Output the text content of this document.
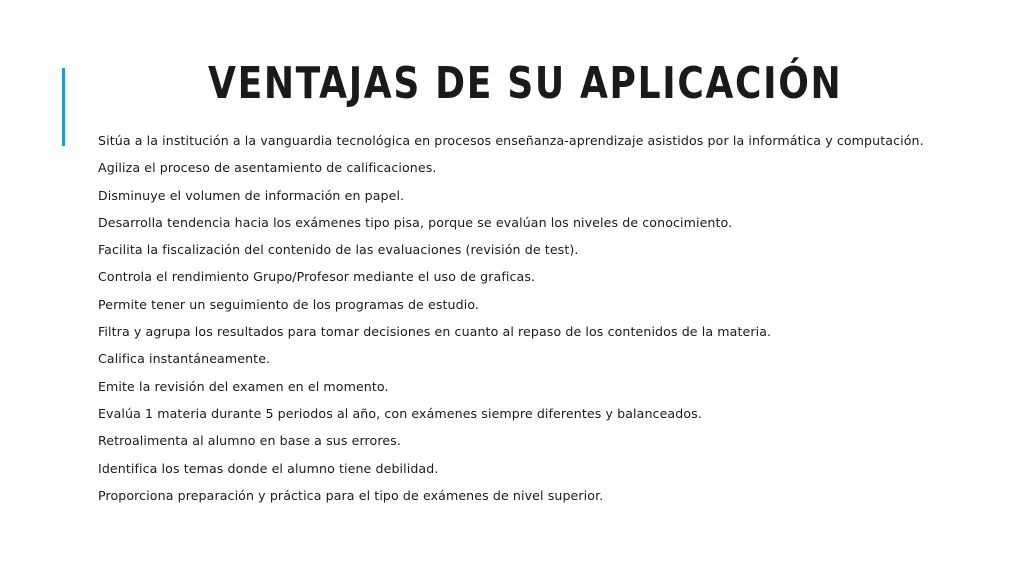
VENTAJAS DE SU APLICACIÓN
Sitúa a la institución a la vanguardia tecnológica en procesos enseñanza-aprendizaje asistidos por la informática y computación.
Agiliza el proceso de asentamiento de calificaciones.
Disminuye el volumen de información en papel.
Desarrolla tendencia hacia los exámenes tipo pisa, porque se evalúan los niveles de conocimiento.
Facilita la fiscalización del contenido de las evaluaciones (revisión de test).
Controla el rendimiento Grupo/Profesor mediante el uso de graficas.
Permite tener un seguimiento de los programas de estudio.
Filtra y agrupa los resultados para tomar decisiones en cuanto al repaso de los contenidos de la materia.
Califica instantáneamente.
Emite la revisión del examen en el momento.
Evalúa 1 materia durante 5 periodos al año, con exámenes siempre diferentes y balanceados.
Retroalimenta al alumno en base a sus errores.
Identifica los temas donde el alumno tiene debilidad.
Proporciona preparación y práctica para el tipo de exámenes de nivel superior.
